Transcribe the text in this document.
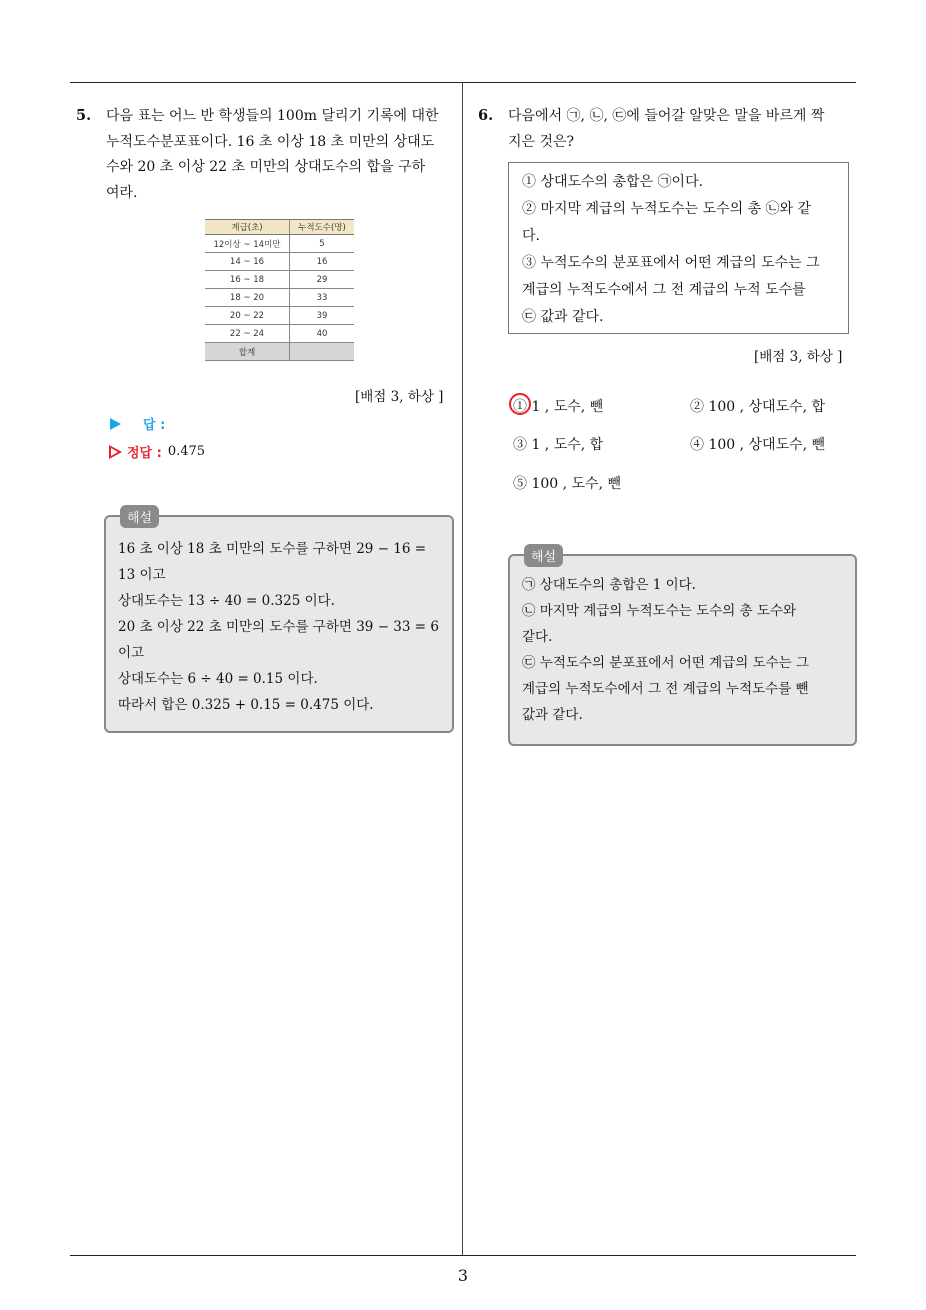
5. 다음 표는 어느 반 학생들의 100m 달리기 기록에 대한
누적도수분포표이다. 16 초 이상 18 초 미만의 상대도
수와 20 초 이상 22 초 미만의 상대도수의 합을 구하
여라.
계급(초)	누적도수(명)
12이상 ~ 14미만	5
14 ~ 16	16
16 ~ 18	29
18 ~ 20	33
20 ~ 22	39
22 ~ 24	40
합계	
[배점 3, 하상 ]
답 :
정답 : 0.475
해설
16 초 이상 18 초 미만의 도수를 구하면 29 − 16 =
13 이고
상대도수는 13 ÷ 40 = 0.325 이다.
20 초 이상 22 초 미만의 도수를 구하면 39 − 33 = 6
이고
상대도수는 6 ÷ 40 = 0.15 이다.
따라서 합은 0.325 + 0.15 = 0.475 이다.
6. 다음에서 ㉠, ㉡, ㉢에 들어갈 알맞은 말을 바르게 짝
지은 것은?
① 상대도수의 총합은 ㉠이다.
② 마지막 계급의 누적도수는 도수의 총 ㉡와 같
다.
③ 누적도수의 분포표에서 어떤 계급의 도수는 그
계급의 누적도수에서 그 전 계급의 누적 도수를
㉢ 값과 같다.
[배점 3, 하상 ]
① 1 , 도수, 뺀	② 100 , 상대도수, 합
③ 1 , 도수, 합	④ 100 , 상대도수, 뺀
⑤ 100 , 도수, 뺀
해설
㉠ 상대도수의 총합은 1 이다.
㉡ 마지막 계급의 누적도수는 도수의 총 도수와
같다.
㉢ 누적도수의 분포표에서 어떤 계급의 도수는 그
계급의 누적도수에서 그 전 계급의 누적도수를 뺀
값과 같다.
3
